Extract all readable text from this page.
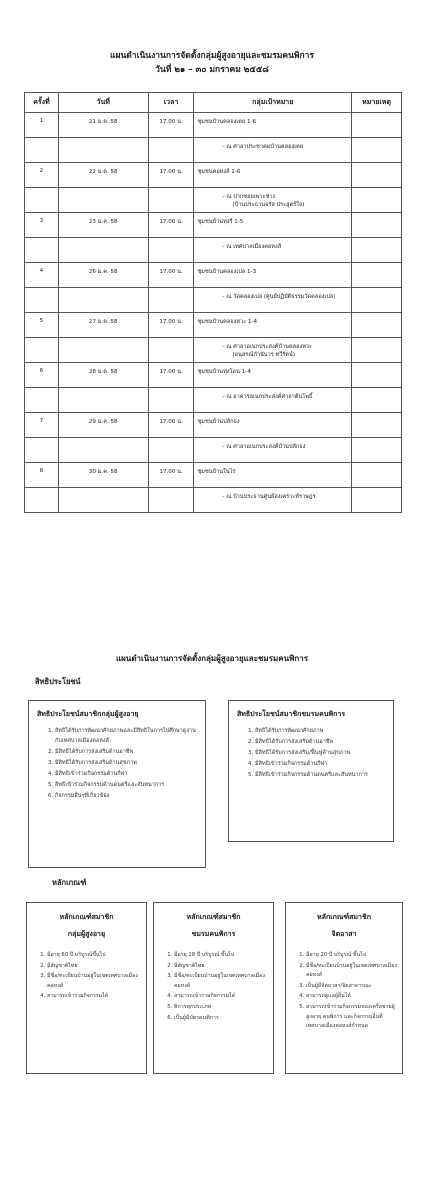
แผนดำเนินงานการจัดตั้งกลุ่มผู้สูงอายุและชมรมคนพิการ
วันที่ ๒๑ – ๓๐ มกราคม ๒๕๕๘
ครั้งที่	วันที่	เวลา	กลุ่มเป้าหมาย	หมายเหตุ
1	21 ม.ค. 58	17.00 น.	ชุมชนบ้านคลองเตย 1-6	

			- ณ ศาลาประชาคมบ้านคลองเตย	

2	22 ม.ค. 58	17.00 น.	ชุมชนคอหงส์ 1-6	

			- ณ ปากซอยเพาะช่าง
(บ้านประธานจรัส ประสูตร์ใจ)	

3	23 ม.ค. 58	17.00 น.	ชุมชนบ้านทุ่งรี 1-5	

			- ณ เทศบาลเมืองคอหงส์	

4	26 ม.ค. 58	17.00 น.	ชุมชนบ้านคลองเปล 1-3	

			- ณ วัดคลองเปล (ศูนย์ปฏิบัติธรรมวัดคลองเปล)	

5	27 ม.ค. 58	17.00 น.	ชุมชนบ้านคลองหวะ 1-4	

			- ณ ศาลาอเนกประสงค์บ้านคลองหวะ
(อนุสรณ์กำนันวร ทวีรัตน์)	

6	28 ม.ค. 58	17.00 น.	ชุมชนบ้านทุ่งโดน 1-4	

			- ณ อาคารอเนกประสงค์ศาลาต้นโพธิ์	

7	29 ม.ค. 58	17.00 น.	ชุมชนบ้านปลักธง	

			- ณ ศาลาอเนกประสงค์บ้านปลักธง	

8	30 ม.ค. 58	17.00 น.	ชุมชนบ้านในไร่	

			- ณ บ้านประธานศูนย์สงเคราะห์ราษฎร	

แผนดำเนินงานการจัดตั้งกลุ่มผู้สูงอายุและชมรมคนพิการ
สิทธิประโยชน์
สิทธิประโยชน์สมาชิกกลุ่มผู้สูงอายุ
1. สิทธิได้รับการพัฒนาศักยภาพและมีสิทธิในการไปศึกษาดูงานกับเทศบาลเมืองคอหงส์
2. มีสิทธิได้รับการส่งเสริมด้านอาชีพ
3. มีสิทธิได้รับการส่งเสริมด้านสุขภาพ
4. มีสิทธิเข้าร่วมกิจกรรมด้านกีฬา
5. สิทธิเข้าร่วมกิจกรรมด้านดนตรีและสันทนาการ
6. กิจกรรมอื่นๆที่เกี่ยวข้อง
สิทธิประโยชน์สมาชิกชมรมคนพิการ
1. สิทธิได้รับการพัฒนาศักยภาพ
2. มีสิทธิได้รับการส่งเสริมด้านอาชีพ
3. มีสิทธิได้รับการส่งเสริม/ฟื้นฟูด้านสุขภาพ
4. มีสิทธิเข้าร่วมกิจกรรมด้านกีฬา
5. มีสิทธิเข้าร่วมกิจกรรมด้านดนตรีและสันทนาการ
หลักเกณฑ์
หลักเกณฑ์สมาชิก
กลุ่มผู้สูงอายุ
1. มีอายุ 60 ปี บริบูรณ์ขึ้นไป
2. มีสัญชาติไทย
3. มีชื่อ/ทะเบียนบ้านอยู่ในเขตเทศบาลเมืองคอหงส์
4. สามารถเข้าร่วมกิจกรรมได้
หลักเกณฑ์สมาชิก
ชมรมคนพิการ
1. มีอายุ 18 ปี บริบูรณ์ ขึ้นไป
2. มีสัญชาติไทย
3. มีชื่อ/ทะเบียนบ้านอยู่ในเขตเทศบาลเมืองคอหงส์
4. สามารถเข้าร่วมกิจกรรมได้
5. พิการทุกประเภท
6. เป็นผู้มีบัตรคนพิการ
หลักเกณฑ์สมาชิก
จิตอาสา
1. มีอายุ 20 ปี บริบูรณ์ ขึ้นไป
2. มีชื่อ/ทะเบียนบ้านอยู่ในเขตเทศบาลเมืองคอหงส์
3. เป็นผู้มีจิตอาสา/จิตสาธารณะ
4. สามารถดูแลผู้อื่นได้
5. สามารถเข้าร่วมกิจกรรมของเครือข่ายผู้สูงอายุ คนพิการ และกิจกรรมอื่นที่เทศบาลเมืองคอหงส์กำหนด
